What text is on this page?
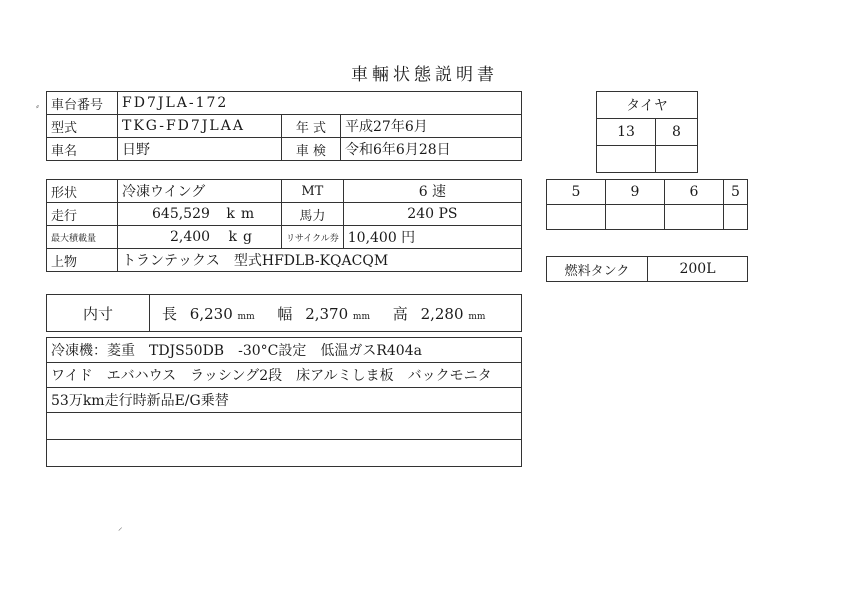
車輛状態説明書
車台番号	FD7JLA-172		
型式	TKG-FD7JLAA	年 式	平成27年6月
車名	日野	車 検	令和6年6月28日
形状	冷凍ウイング	MT	6 速
走行	645,529 km	馬力	240 PS
最大積載量	2,400 kg	リサイクル券	10,400 円
上物	トランテックス　型式HFDLB-KQACQM		
内寸	長 6,230 mm 幅 2,370 mm 高 2,280 mm
冷凍機：菱重　TDJS50DB　-30°C設定　低温ガスR404a
ワイド　エバハウス　ラッシング2段　床アルミしま板　バックモニタ
53万km走行時新品E/G乗替

タイヤ	
13	8

5	9	6	5

燃料タンク	200L
⸗
⸝
